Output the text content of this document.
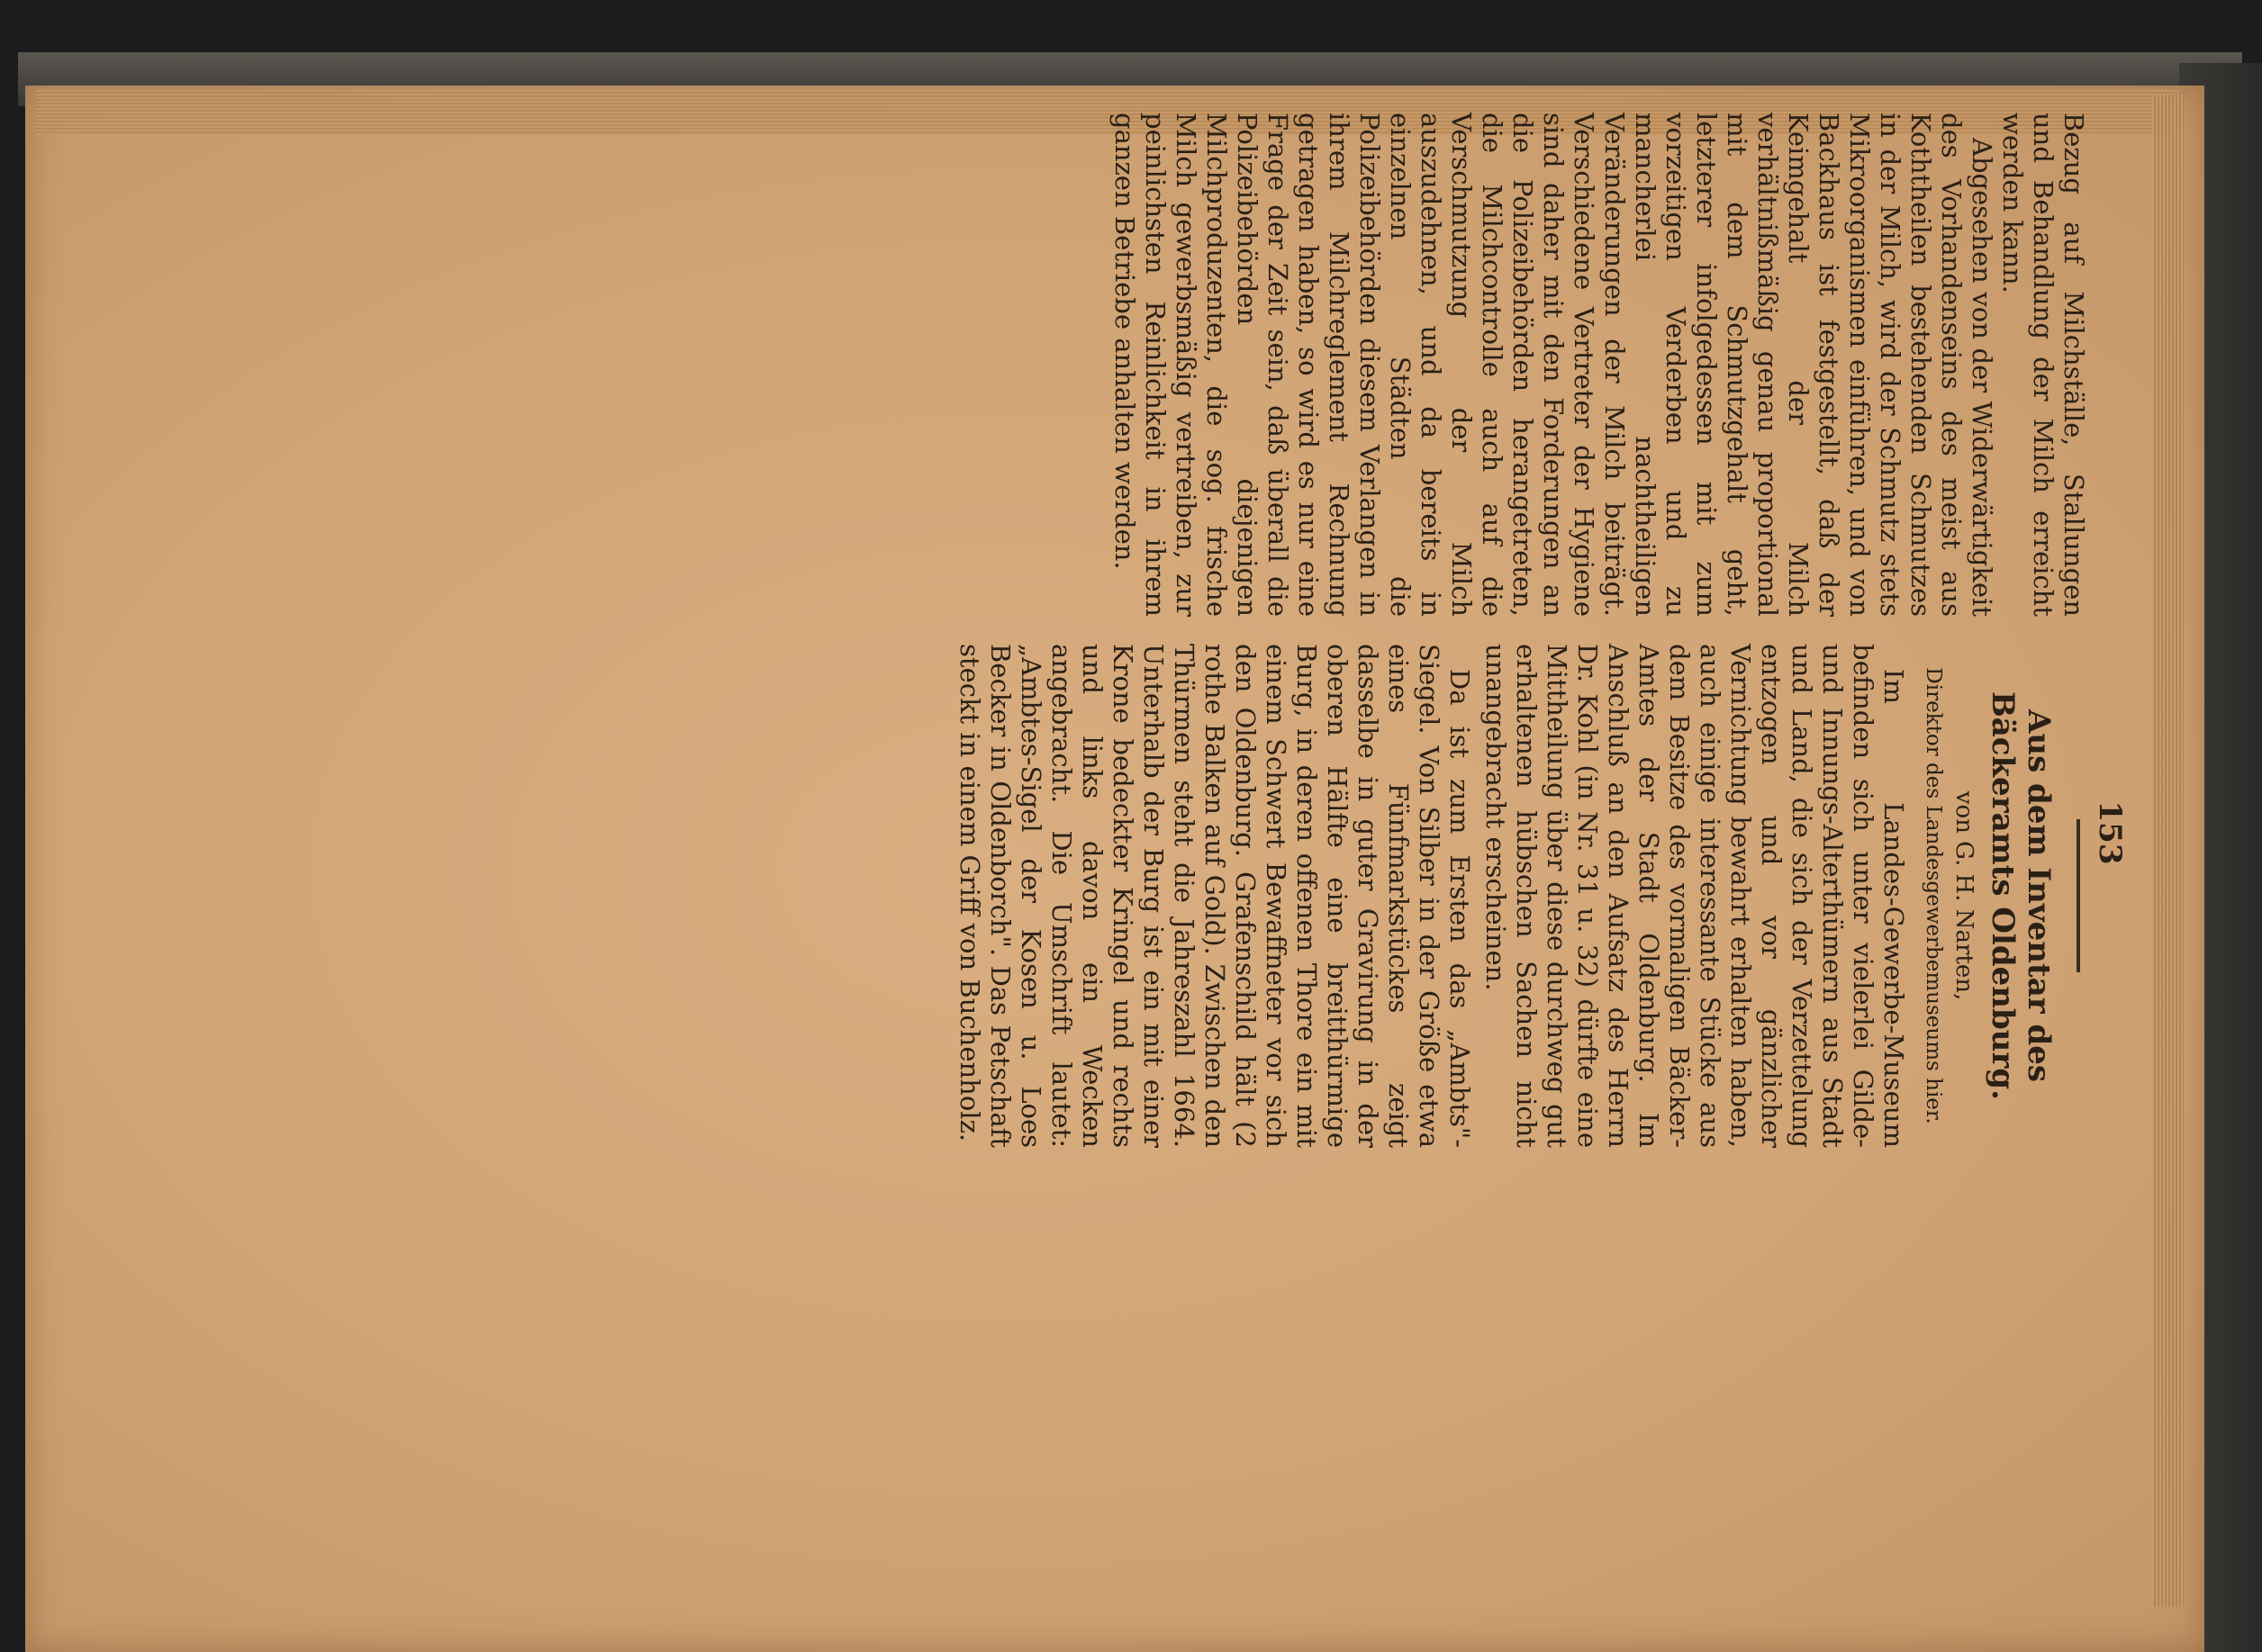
153

Bezug auf Milchställe, Stallungen und Behandlung der Milch erreicht werden kann.

Abgesehen von der Widerwärtigkeit des Vorhandenseins des meist aus Koththeilen bestehenden Schmutzes in der Milch, wird der Schmutz stets Mikroorganismen einführen, und von Backhaus ist festgestellt, daß der Keimgehalt der Milch verhältnißmäßig genau proportional mit dem Schmutzgehalt geht, letzterer infolgedessen mit zum vorzeitigen Verderben und zu mancherlei nachtheiligen Veränderungen der Milch beiträgt. Verschiedene Vertreter der Hygiene sind daher mit den Forderungen an die Polizeibehörden herangetreten, die Milchcontrolle auch auf die Verschmutzung der Milch auszudehnen, und da bereits in einzelnen Städten die Polizeibehörden diesem Verlangen in ihrem Milchreglement Rechnung getragen haben, so wird es nur eine Frage der Zeit sein, daß überall die Polizeibehörden diejenigen Milchproduzenten, die sog. frische Milch gewerbsmäßig vertreiben, zur peinlichsten Reinlichkeit in ihrem ganzen Betriebe anhalten werden.

Aus dem Inventar des Bäckeramts Oldenburg.

von G. H. Narten,

Direktor des Landesgewerbemuseums hier.

Im Landes-Gewerbe-Museum befinden sich unter vielerlei Gilde- und Innungs-Alterthümern aus Stadt und Land, die sich der Verzettelung entzogen und vor gänzlicher Vernichtung bewahrt erhalten haben, auch einige interessante Stücke aus dem Besitze des vormaligen Bäcker-Amtes der Stadt Oldenburg. Im Anschluß an den Aufsatz des Herrn Dr. Kohl (in Nr. 31 u. 32) dürfte eine Mittheilung über diese durchweg gut erhaltenen hübschen Sachen nicht unangebracht erscheinen.

Da ist zum Ersten das „Ambts"-Siegel. Von Silber in der Größe etwa eines Fünfmarkstückes zeigt dasselbe in guter Gravirung in der oberen Hälfte eine breitthürmige Burg, in deren offenen Thore ein mit einem Schwert Bewaffneter vor sich den Oldenburg. Grafenschild hält (2 rothe Balken auf Gold). Zwischen den Thürmen steht die Jahreszahl 1664. Unterhalb der Burg ist ein mit einer Krone bedeckter Kringel und rechts und links davon ein Wecken angebracht. Die Umschrift lautet: „Ambtes-Sigel der Kosen u. Loes Becker in Oldenborch". Das Petschaft steckt in einem Griff von Buchenholz.
